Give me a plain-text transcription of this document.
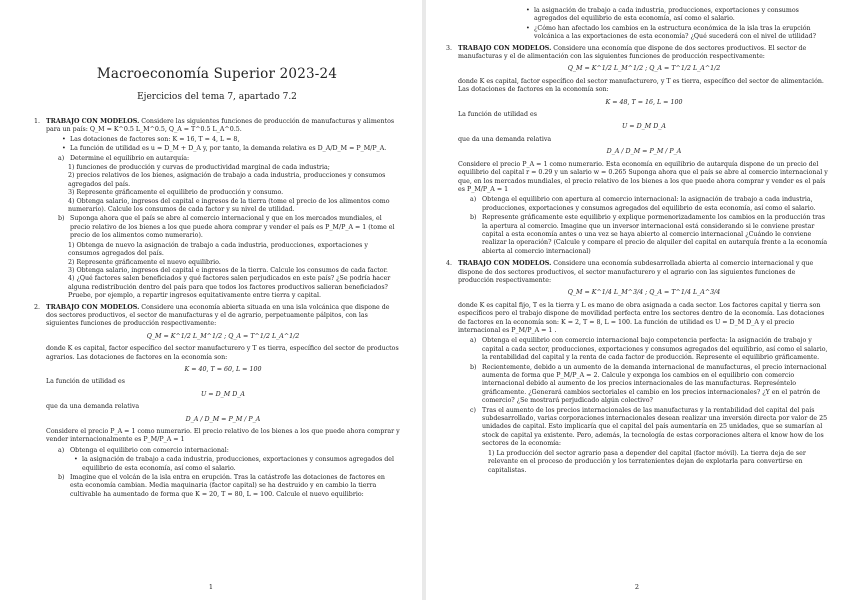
Macroeconomía Superior 2023-24
Ejercicios del tema 7, apartado 7.2
1. TRABAJO CON MODELOS. Considere las siguientes funciones de producción de manufacturas y alimentos para un país: Q_M = K^0.5 L_M^0.5, Q_A = T^0.5 L_A^0.5.
• Las dotaciones de factores son: K = 16, T = 4, L = 8,
• La función de utilidad es u = D_M + D_A y, por tanto, la demanda relativa es D_A/D_M = P_M/P_A.
a) Determine el equilibrio en autarquía:
1) funciones de producción y curvas de productividad marginal de cada industria;
2) precios relativos de los bienes, asignación de trabajo a cada industria, producciones y consumos agregados del país.
3) Represente gráficamente el equilibrio de producción y consumo.
4) Obtenga salario, ingresos del capital e ingresos de la tierra (tome el precio de los alimentos como numerario). Calcule los consumos de cada factor y su nivel de utilidad.
b) Suponga ahora que el país se abre al comercio internacional y que en los mercados mundiales, el precio relativo de los bienes a los que puede ahora comprar y vender el país es P_M/P_A = 1 (tome el precio de los alimentos como numerario).
1) Obtenga de nuevo la asignación de trabajo a cada industria, producciones, exportaciones y consumos agregados del país.
2) Represente gráficamente el nuevo equilibrio.
3) Obtenga salario, ingresos del capital e ingresos de la tierra. Calcule los consumos de cada factor.
4) ¿Qué factores salen beneficiados y qué factores salen perjudicados en este país? ¿Se podría hacer alguna redistribución dentro del país para que todos los factores productivos salieran beneficiados? Pruebe, por ejemplo, a repartir ingresos equitativamente entre tierra y capital.
2. TRABAJO CON MODELOS. Considere una economía abierta situada en una isla volcánica que dispone de dos sectores productivos, el sector de manufacturas y el de agrario, perpetuamente pálpitos, con las siguientes funciones de producción respectivamente:
Q_M = K^1/2 L_M^1/2 ; Q_A = T^1/2 L_A^1/2
donde K es capital, factor específico del sector manufacturero y T es tierra, específico del sector de productos agrarios. Las dotaciones de factores en la economía son:
K = 40, T = 60, L = 100
La función de utilidad es
U = D_M D_A
que da una demanda relativa
D_A / D_M = P_M / P_A
Considere el precio P_A = 1 como numerario. El precio relativo de los bienes a los que puede ahora comprar y vender internacionalmente es P_M/P_A = 1
a) Obtenga el equilibrio con comercio internacional:
• la asignación de trabajo a cada industria, producciones, exportaciones y consumos agregados del equilibrio de esta economía, así como el salario.
b) Imagine que el volcán de la isla entra en erupción. Tras la catástrofe las dotaciones de factores en esta economía cambian. Media maquinaria (factor capital) se ha destruido y en cambio la tierra cultivable ha aumentado de forma que K = 20, T = 80, L = 100. Calcule el nuevo equilibrio:
1
• la asignación de trabajo a cada industria, producciones, exportaciones y consumos agregados del equilibrio de esta economía, así como el salario.
• ¿Cómo han afectado los cambios en la estructura económica de la isla tras la erupción volcánica a las exportaciones de esta economía? ¿Qué sucederá con el nivel de utilidad?
3. TRABAJO CON MODELOS. Considere una economía que dispone de dos sectores productivos. El sector de manufacturas y el de alimentación con las siguientes funciones de producción respectivamente:
Q_M = K^1/2 L_M^1/2 ; Q_A = T^1/2 L_A^1/2
donde K es capital, factor específico del sector manufacturero, y T es tierra, específico del sector de alimentación. Las dotaciones de factores en la economía son:
K = 48, T = 16, L = 100
La función de utilidad es
U = D_M D_A
que da una demanda relativa
D_A / D_M = P_M / P_A
Considere el precio P_A = 1 como numerario. Esta economía en equilibrio de autarquía dispone de un precio del equilibrio del capital r = 0.29 y un salario w = 0.265 Suponga ahora que el país se abre al comercio internacional y que, en los mercados mundiales, el precio relativo de los bienes a los que puede ahora comprar y vender es el país es P_M/P_A = 1
a) Obtenga el equilibrio con apertura al comercio internacional: la asignación de trabajo a cada industria, producciones, exportaciones y consumos agregados del equilibrio de esta economía, así como el salario.
b) Represente gráficamente este equilibrio y explique pormenorizadamente los cambios en la producción tras la apertura al comercio. Imagine que un inversor internacional está considerando si le conviene prestar capital a esta economía antes o una vez se haya abierto al comercio internacional ¿Cuándo le conviene realizar la operación? (Calcule y compare el precio de alquiler del capital en autarquía frente a la economía abierta al comercio internacional)
4. TRABAJO CON MODELOS. Considere una economía subdesarrollada abierta al comercio internacional y que dispone de dos sectores productivos, el sector manufacturero y el agrario con las siguientes funciones de producción respectivamente:
Q_M = K^1/4 L_M^3/4 ; Q_A = T^1/4 L_A^3/4
donde K es capital fijo, T es la tierra y L es mano de obra asignada a cada sector. Los factores capital y tierra son específicos pero el trabajo dispone de movilidad perfecta entre los sectores dentro de la economía. Las dotaciones de factores en la economía son: K = 2, T = 8, L = 100. La función de utilidad es U = D_M D_A y el precio internacional es P_M/P_A = 1 .
a) Obtenga el equilibrio con comercio internacional bajo competencia perfecta: la asignación de trabajo y capital a cada sector, producciones, exportaciones y consumos agregados del equilibrio, así como el salario, la rentabilidad del capital y la renta de cada factor de producción. Represente el equilibrio gráficamente.
b) Recientemente, debido a un aumento de la demanda internacional de manufacturas, el precio internacional aumenta de forma que P_M/P_A = 2. Calcule y exponga los cambios en el equilibrio con comercio internacional debido al aumento de los precios internacionales de las manufacturas. Represéntelo gráficamente. ¿Generará cambios sectoriales el cambio en los precios internacionales? ¿Y en el patrón de comercio? ¿Se mostrará perjudicado algún colectivo?
c) Tras el aumento de los precios internacionales de las manufacturas y la rentabilidad del capital del país subdesarrollado, varias corporaciones internacionales desean realizar una inversión directa por valor de 25 unidades de capital. Esto implicaría que el capital del país aumentaría en 25 unidades, que se sumarían al stock de capital ya existente. Pero, además, la tecnología de estas corporaciones altera el know how de los sectores de la economía:
1) La producción del sector agrario pasa a depender del capital (factor móvil). La tierra deja de ser relevante en el proceso de producción y los terratenientes dejan de explotarla para convertirse en capitalistas.
2
